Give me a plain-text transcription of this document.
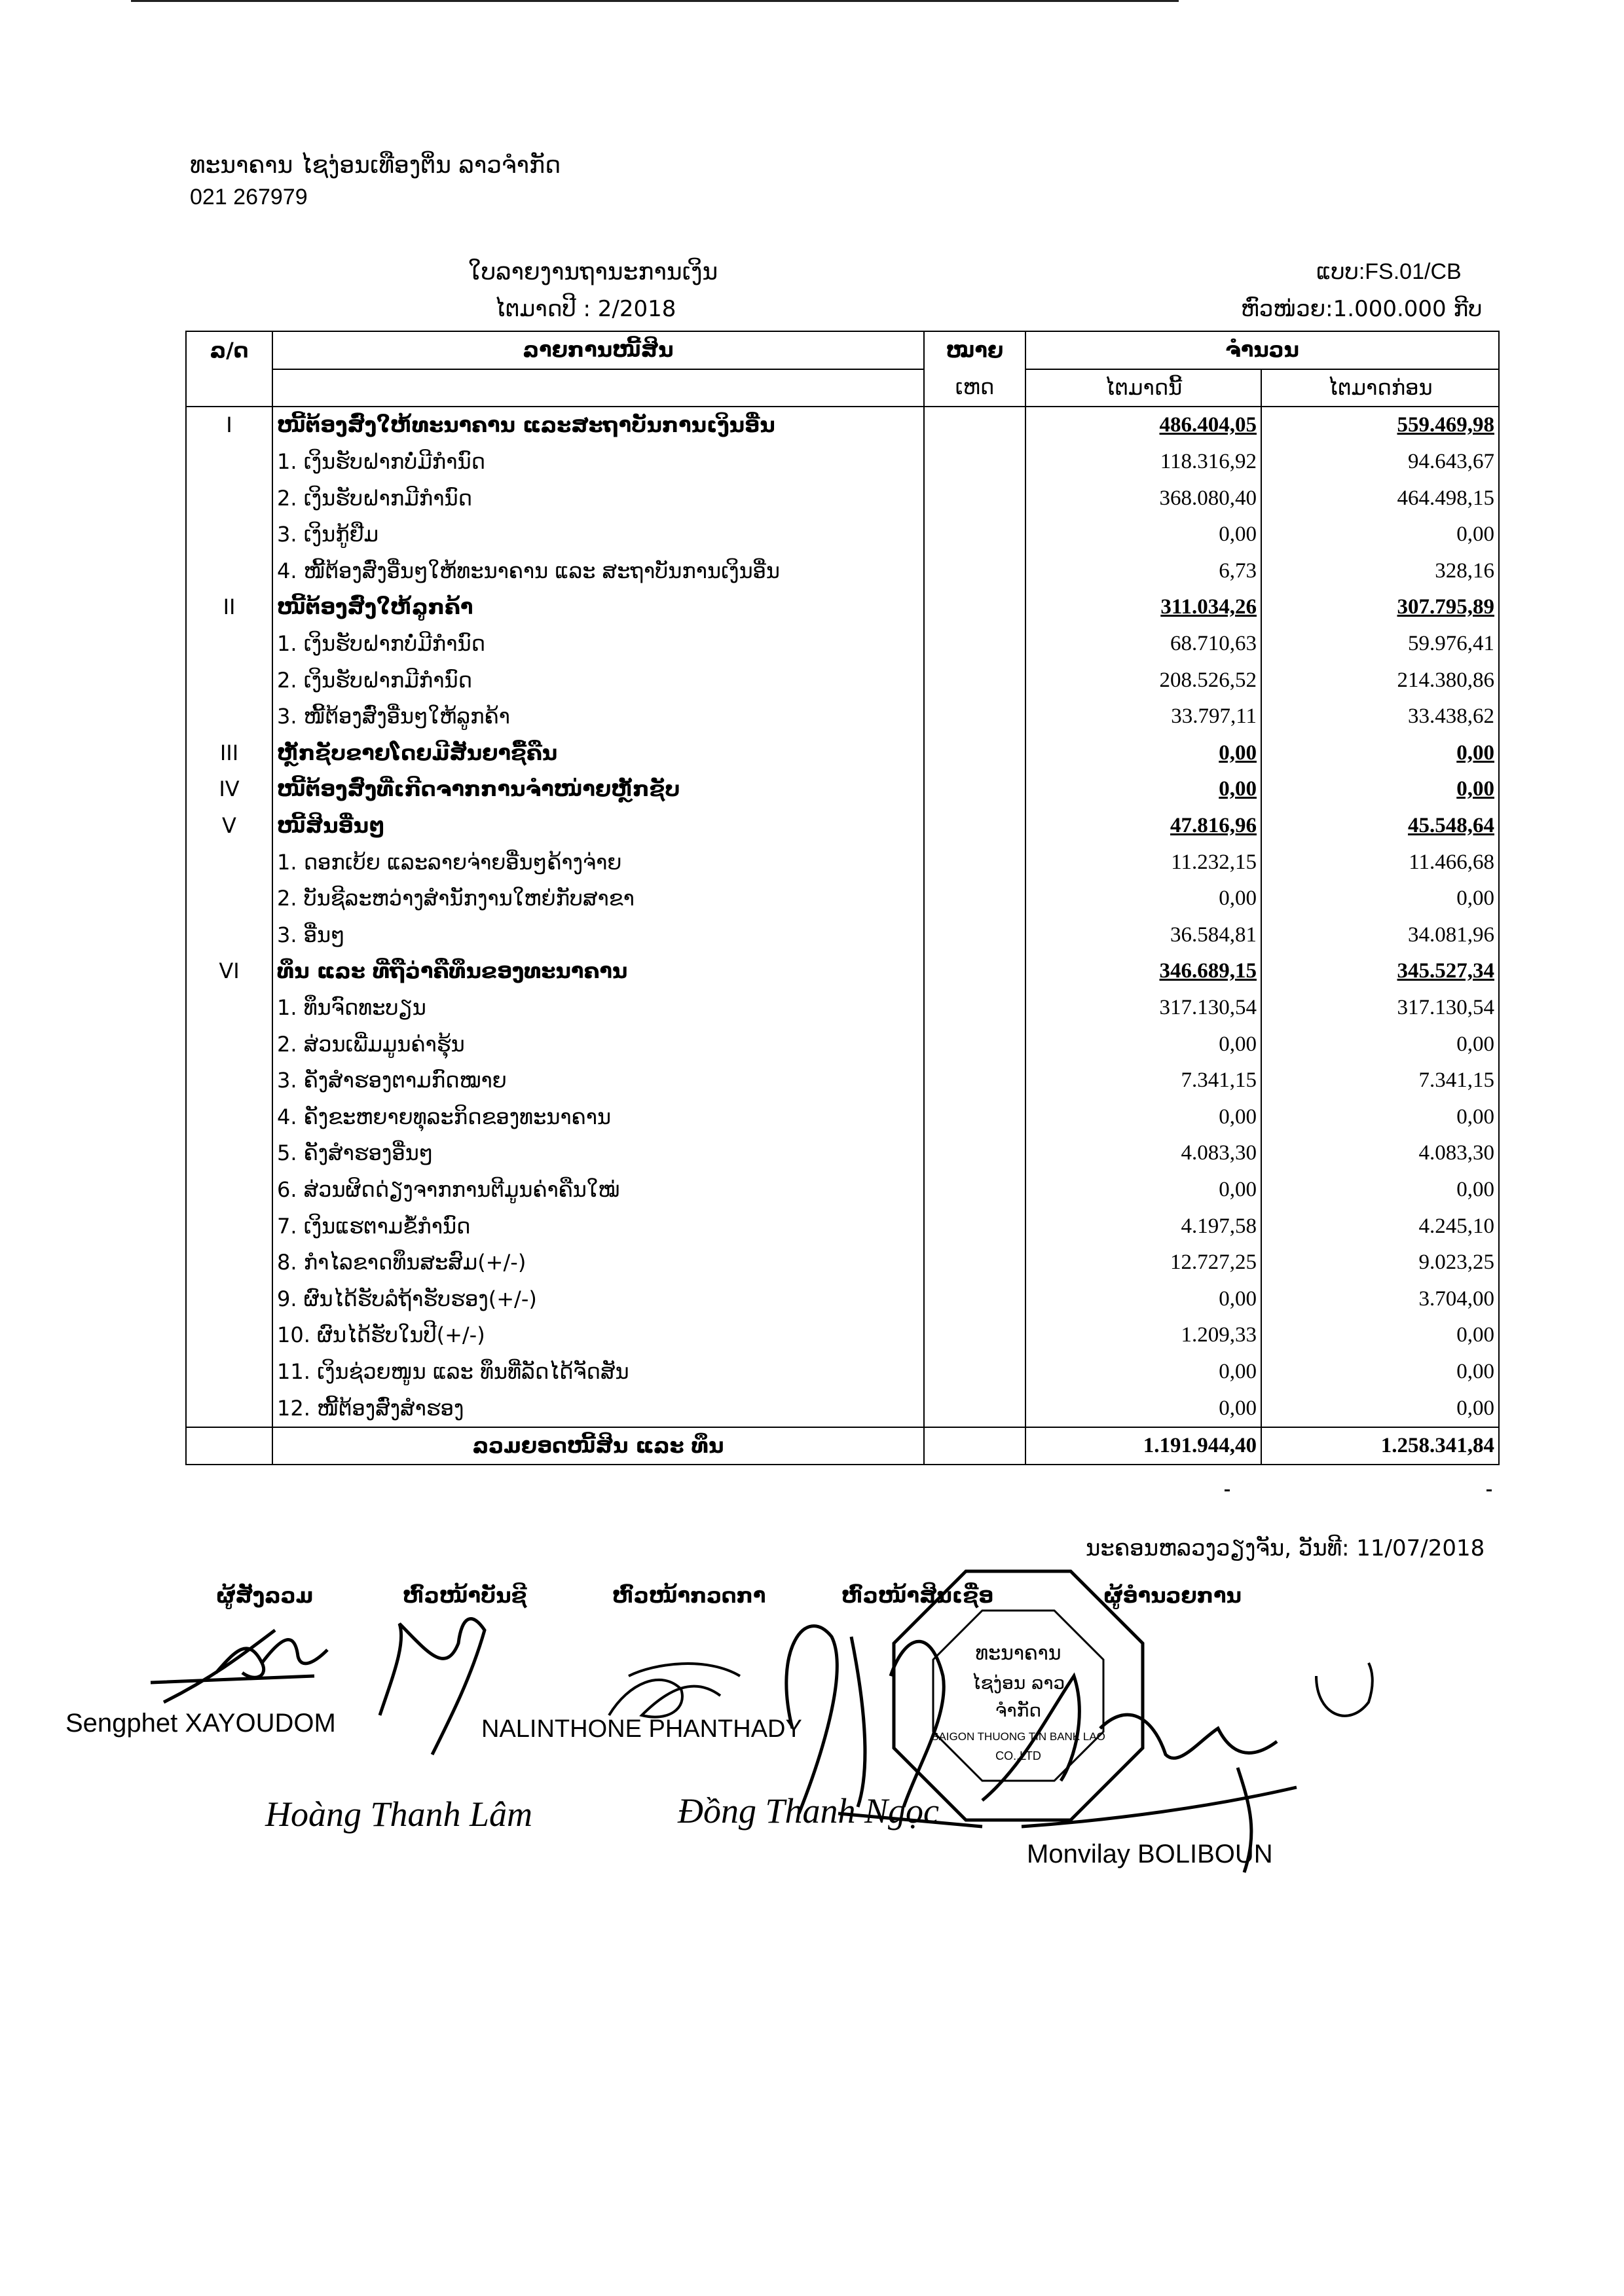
ທະນາຄານ ໄຊງ່ອນເທືອງຕິ່ນ ລາວຈຳກັດ
021 267979
ໃບລາຍງານຖານະການເງິນ
ໄຕມາດປີ : 2/2018
ແບບ:FS.01/CB
ຫົວໜ່ວຍ:1.000.000 ກີບ
ລ/ດ	ລາຍການໜີ້ສິນ	ໝາຍ	ຈຳນວນ	
		ເຫດ	ໄຕມາດນີ້	ໄຕມາດກ່ອນ
I	ໜີ້ຕ້ອງສົ່ງໃຫ້ທະນາຄານ ແລະສະຖາບັນການເງິນອື່ນ		486.404,05	559.469,98
	1. ເງິນຮັບຝາກບໍ່ມີກຳນົດ		118.316,92	94.643,67
	2. ເງິນຮັບຝາກມີກຳນົດ		368.080,40	464.498,15
	3. ເງິນກູ້ຢືມ		0,00	0,00
	4. ໜີ້ຕ້ອງສົ່ງອື່ນໆໃຫ້ທະນາຄານ ແລະ ສະຖາບັນການເງິນອື່ນ		6,73	328,16
II	ໜີ້ຕ້ອງສົ່ງໃຫ້ລູກຄ້າ		311.034,26	307.795,89
	1. ເງິນຮັບຝາກບໍ່ມີກຳນົດ		68.710,63	59.976,41
	2. ເງິນຮັບຝາກມີກຳນົດ		208.526,52	214.380,86
	3. ໜີ້ຕ້ອງສົ່ງອື່ນໆໃຫ້ລູກຄ້າ		33.797,11	33.438,62
III	ຫຼັກຊັບຂາຍໂດຍມີສັນຍາຊື້ຄືນ		0,00	0,00
IV	ໜີ້ຕ້ອງສົ່ງທີ່ເກີດຈາກການຈໍາໜ່າຍຫຼັກຊັບ		0,00	0,00
V	ໜີ້ສິນອື່ນໆ		47.816,96	45.548,64
	1. ດອກເບ້ຍ ແລະລາຍຈ່າຍອື່ນໆຄ້າງຈ່າຍ		11.232,15	11.466,68
	2. ບັນຊີລະຫວ່າງສຳນັກງານໃຫຍ່ກັບສາຂາ		0,00	0,00
	3. ອື່ນໆ		36.584,81	34.081,96
VI	ທຶນ ແລະ ທີ່ຖືວ່າຄືທຶນຂອງທະນາຄານ		346.689,15	345.527,34
	1. ທຶນຈົດທະບຽນ		317.130,54	317.130,54
	2. ສ່ວນເພີ່ມມູນຄ່າຮຸ້ນ		0,00	0,00
	3. ຄັງສຳຮອງຕາມກົດໝາຍ		7.341,15	7.341,15
	4. ຄັງຂະຫຍາຍທຸລະກິດຂອງທະນາຄານ		0,00	0,00
	5. ຄັງສຳຮອງອື່ນໆ		4.083,30	4.083,30
	6. ສ່ວນຜິດດ່ຽງຈາກການຕີມູນຄ່າຄືນໃໝ່		0,00	0,00
	7. ເງິນແຮຕາມຂໍ້ກຳນົດ		4.197,58	4.245,10
	8. ກຳໄລຂາດທຶນສະສົມ(+/-)		12.727,25	9.023,25
	9. ຜົນໄດ້ຮັບລໍຖ້າຮັບຮອງ(+/-)		0,00	3.704,00
	10. ຜົນໄດ້ຮັບໃນປີ(+/-)		1.209,33	0,00
	11. ເງິນຊ່ວຍໜູນ ແລະ ທຶນທີ່ລັດໄດ້ຈັດສັນ		0,00	0,00
	12. ໜີ້ຕ້ອງສົ່ງສຳຮອງ		0,00	0,00
	ລວມຍອດໜີ້ສິນ ແລະ ທຶນ		1.191.944,40	1.258.341,84
ນະຄອນຫລວງວຽງຈັນ, ວັນທີ: 11/07/2018
ຜູ້ສັງລວມ	ຫົວໜ້າບັນຊີ	ຫົວໜ້າກວດກາ	ຫົວໜ້າສິນເຊື່ອ	ຜູ້ອຳນວຍການ
ທະນາຄານ
ໄຊງ່ອນ ລາວ
ຈຳກັດ
SAIGON THUONG TIN BANK LAO
CO.,LTD
Sengphet XAYOUDOM	NALINTHONE PHANTHADY
Hoàng Thanh Lâm	Đồng Thanh Ngọc
Monvilay BOLIBOUN
